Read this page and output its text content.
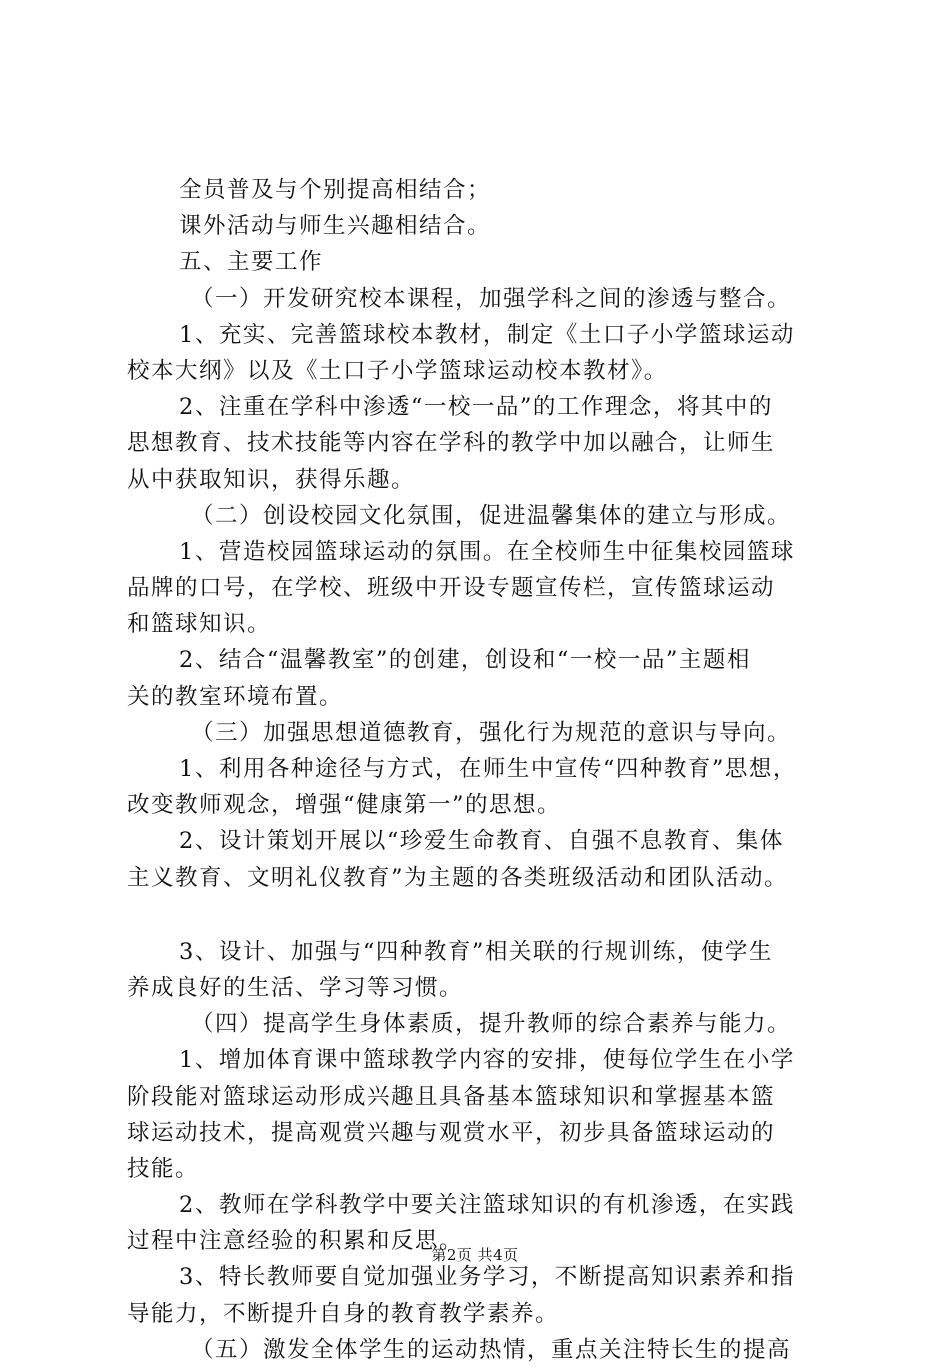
全员普及与个别提高相结合；
课外活动与师生兴趣相结合。
五、主要工作
（一）开发研究校本课程，加强学科之间的渗透与整合。
1、充实、完善篮球校本教材，制定《土口子小学篮球运动
校本大纲》以及《土口子小学篮球运动校本教材》。
2、注重在学科中渗透“一校一品”的工作理念，将其中的
思想教育、技术技能等内容在学科的教学中加以融合，让师生
从中获取知识，获得乐趣。
（二）创设校园文化氛围，促进温馨集体的建立与形成。
1、营造校园篮球运动的氛围。在全校师生中征集校园篮球
品牌的口号，在学校、班级中开设专题宣传栏，宣传篮球运动
和篮球知识。
2、结合“温馨教室”的创建，创设和“一校一品”主题相
关的教室环境布置。
（三）加强思想道德教育，强化行为规范的意识与导向。
1、利用各种途径与方式，在师生中宣传“四种教育”思想，
改变教师观念，增强“健康第一”的思想。
2、设计策划开展以“珍爱生命教育、自强不息教育、集体
主义教育、文明礼仪教育”为主题的各类班级活动和团队活动。
3、设计、加强与“四种教育”相关联的行规训练，使学生
养成良好的生活、学习等习惯。
（四）提高学生身体素质，提升教师的综合素养与能力。
1、增加体育课中篮球教学内容的安排，使每位学生在小学
阶段能对篮球运动形成兴趣且具备基本篮球知识和掌握基本篮
球运动技术，提高观赏兴趣与观赏水平，初步具备篮球运动的
技能。
2、教师在学科教学中要关注篮球知识的有机渗透，在实践
过程中注意经验的积累和反思。
3、特长教师要自觉加强业务学习，不断提高知识素养和指
导能力，不断提升自身的教育教学素养。
（五）激发全体学生的运动热情，重点关注特长生的提高
第2页 共4页
